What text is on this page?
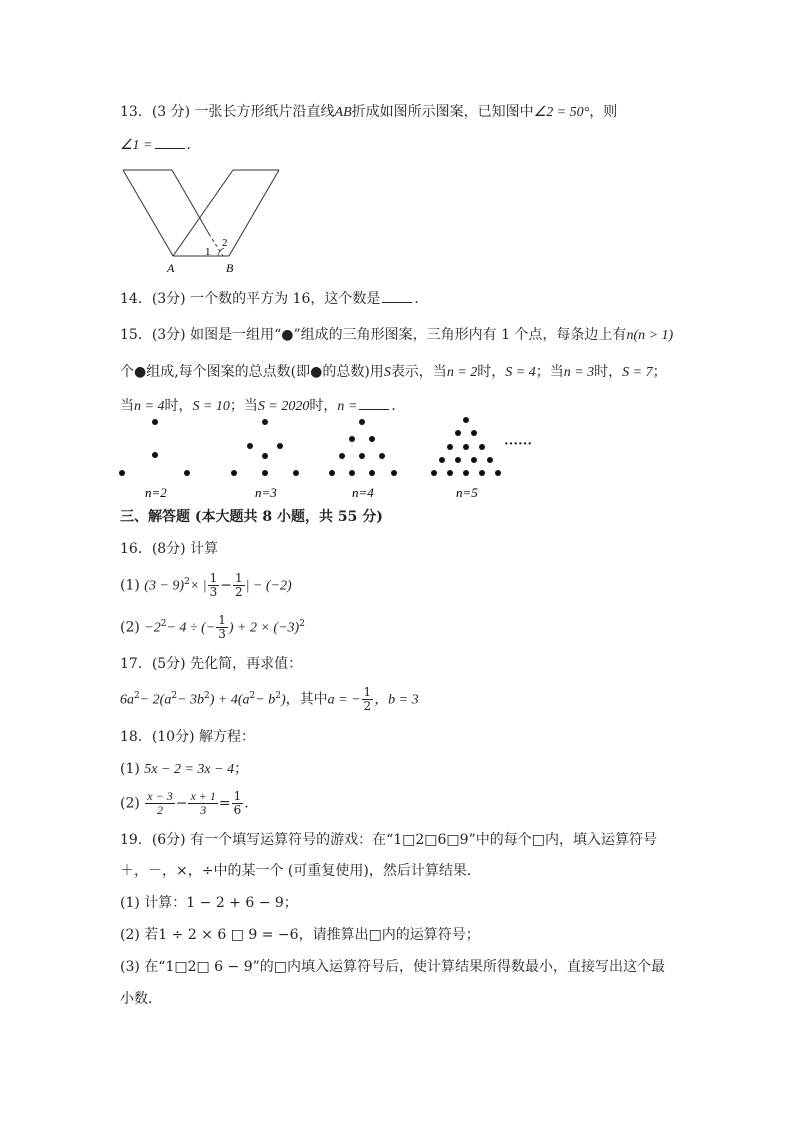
13．(3 分) 一张长方形纸片沿直线AB折成如图所示图案，已知图中∠2 = 50°，则
∠1 = ．
A	B
1
2
14．(3分) 一个数的平方为 16，这个数是 ．
15．(3分) 如图是一组用“●”组成的三角形图案，三角形内有 1 个点，每条边上有n(n > 1)
个●组成,每个图案的总点数(即●的总数)用S表示，当n = 2时，S = 4；当n = 3时，S = 7；
当n = 4时，S = 10；当S = 2020时，n = ．
······
n=2	n=3	n=4	n=5
三、解答题 (本大题共 8 小题，共 55 分)
16．(8分) 计算
(1) $(3 - 9)^2\times$ | $\frac{1}{3} - \frac{1}{2}$ | − (−2)
$(2) -2^2- 4$ ÷ (− $\frac{1}{3}$ ) + $2 \times (-3)^2$
17．(5分) 先化简，再求值：
$6a^2- 2(a^2- 3b^2) + 4(a^2- b^2)$，其中a = − $\frac{1}{2}$ ，b = 3
18．(10分) 解方程：
(1) 5x − 2 = 3x − 4；
$(2) \frac{x - 3}{2} - \frac{x + 1}{3} = \frac{1}{6}$ ．
19．(6分) 有一个填写运算符号的游戏：在“1□2□6□9”中的每个□内，填入运算符号
＋，－，×，÷中的某一个 (可重复使用)，然后计算结果．
(1) 计算：1 − 2 + 6 − 9；
(2) 若1 ÷ 2 × 6 □ 9 = −6，请推算出□内的运算符号；
(3) 在“1□2□ 6 − 9”的□内填入运算符号后，使计算结果所得数最小，直接写出这个最
小数．
